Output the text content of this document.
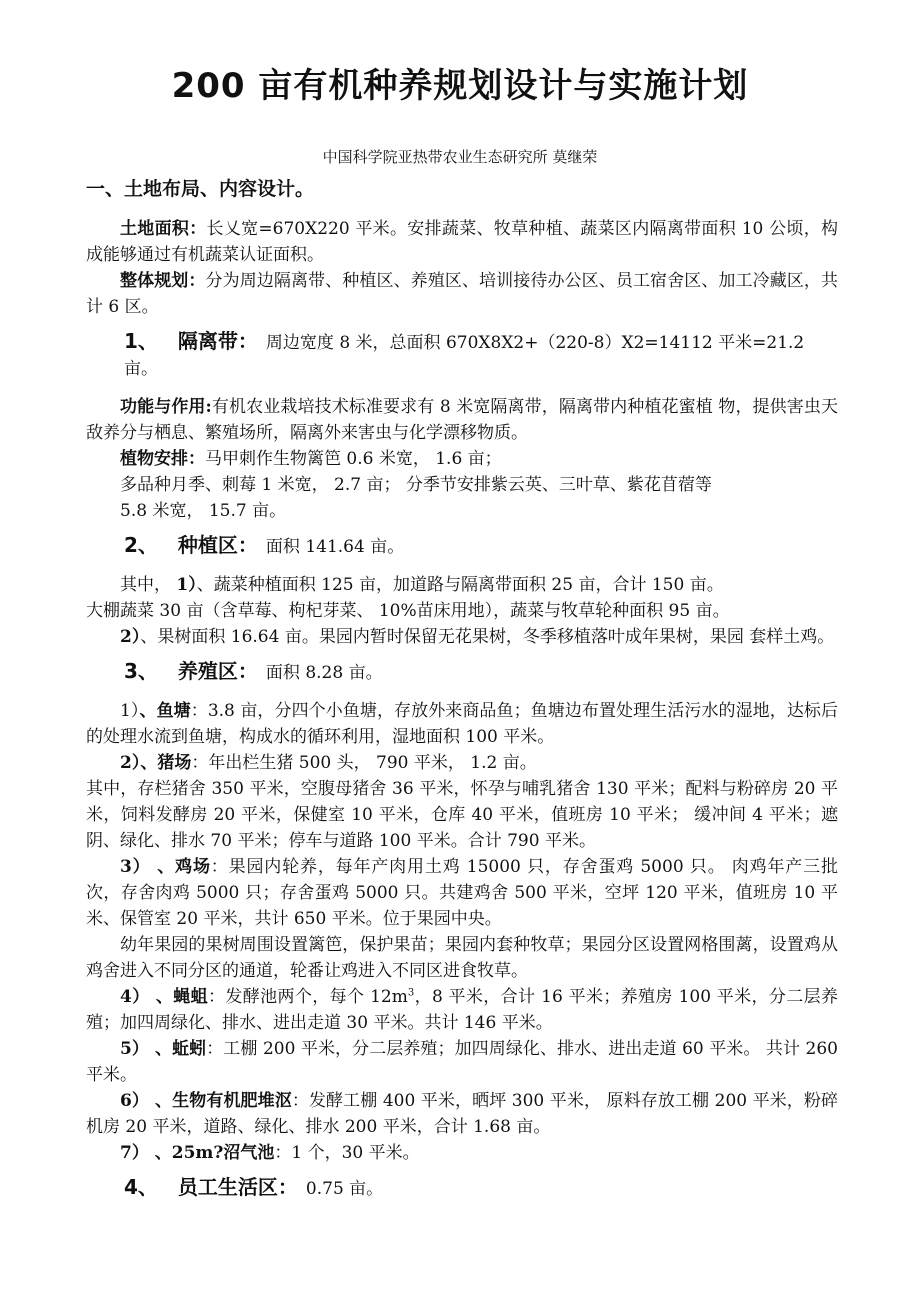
200 亩有机种养规划设计与实施计划
中国科学院亚热带农业生态研究所 莫继荣
一、土地布局、内容设计。

土地面积：长乂宽=670X220 平米。安排蔬菜、牧草种植、蔬菜区内隔离带面积 10 公顷，构成能够通过有机蔬菜认证面积。

整体规划：分为周边隔离带、种植区、养殖区、培训接待办公区、员工宿舍区、加工冷藏区，共计 6 区。

1、 隔离带： 周边宽度 8 米，总面积 670X8X2+（220-8）X2=14112 平米=21.2 亩。

功能与作用:有机农业栽培技术标准要求有 8 米宽隔离带，隔离带内种植花蜜植 物，提供害虫天敌养分与栖息、繁殖场所，隔离外来害虫与化学漂移物质。

植物安排：马甲刺作生物篱笆 0.6 米宽， 1.6 亩；

多品种月季、刺莓 1 米宽， 2.7 亩； 分季节安排紫云英、三叶草、紫花苜蓿等

5.8 米宽， 15.7 亩。

2、 种植区： 面积 141.64 亩。

其中， 1）、蔬菜种植面积 125 亩，加道路与隔离带面积 25 亩，合计 150 亩。

大棚蔬菜 30 亩（含草莓、枸杞芽菜、 10%苗床用地），蔬菜与牧草轮种面积 95 亩。

2）、果树面积 16.64 亩。果园内暂时保留无花果树，冬季移植落叶成年果树，果园 套样土鸡。

3、 养殖区： 面积 8.28 亩。

1）、鱼塘：3.8 亩，分四个小鱼塘，存放外来商品鱼；鱼塘边布置处理生活污水的湿地，达标后的处理水流到鱼塘，构成水的循环利用，湿地面积 100 平米。

2）、猪场：年出栏生猪 500 头， 790 平米， 1.2 亩。

其中，存栏猪舍 350 平米，空腹母猪舍 36 平米，怀孕与哺乳猪舍 130 平米；配料与粉碎房 20 平米，饲料发酵房 20 平米，保健室 10 平米，仓库 40 平米，值班房 10 平米； 缓冲间 4 平米；遮阴、绿化、排水 70 平米；停车与道路 100 平米。合计 790 平米。

3） 、鸡场：果园内轮养，每年产肉用土鸡 15000 只，存舍蛋鸡 5000 只。 肉鸡年产三批次，存舍肉鸡 5000 只；存舍蛋鸡 5000 只。共建鸡舍 500 平米，空坪 120 平米，值班房 10 平米、保管室 20 平米，共计 650 平米。位于果园中央。

幼年果园的果树周围设置篱笆，保护果苗；果园内套种牧草；果园分区设置网格围蓠，设置鸡从鸡舍进入不同分区的通道，轮番让鸡进入不同区进食牧草。

4） 、蝇蛆：发酵池两个，每个 $12m^3$，8 平米，合计 16 平米；养殖房 100 平米，分二层养殖；加四周绿化、排水、进出走道 30 平米。共计 146 平米。

5） 、蚯蚓：工棚 200 平米，分二层养殖；加四周绿化、排水、进出走道 60 平米。 共计 260 平米。

6） 、生物有机肥堆沤：发酵工棚 400 平米，晒坪 300 平米， 原料存放工棚 200 平米，粉碎机房 20 平米，道路、绿化、排水 200 平米，合计 1.68 亩。

7） 、25m?沼气池：1 个，30 平米。

4、 员工生活区： 0.75 亩。
